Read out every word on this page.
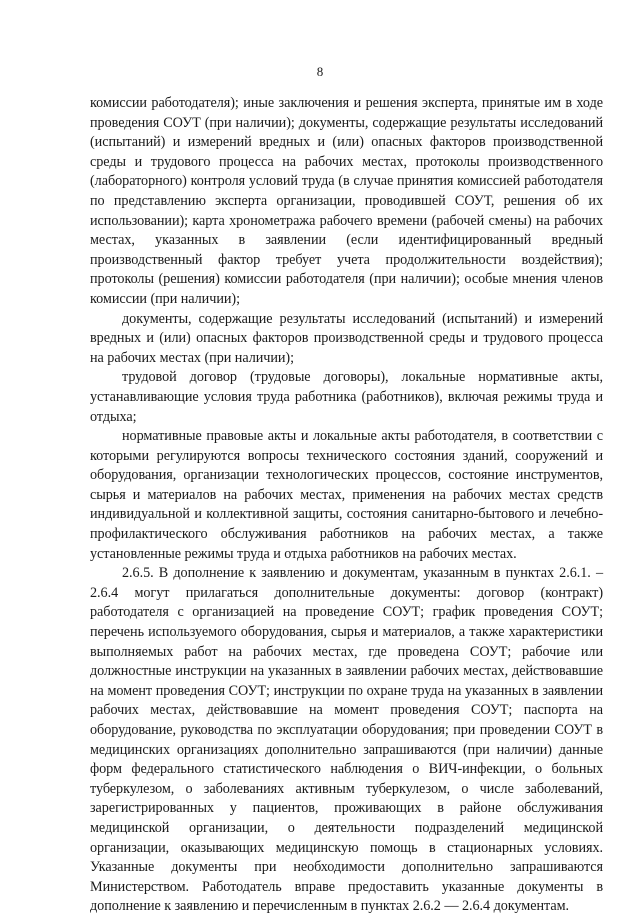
8

комиссии работодателя); иные заключения и решения эксперта, принятые им в ходе проведения СОУТ (при наличии); документы, содержащие результаты исследований (испытаний) и измерений вредных и (или) опасных факторов производственной среды и трудового процесса на рабочих местах, протоколы производственного (лабораторного) контроля условий труда (в случае принятия комиссией работодателя по представлению эксперта организации, проводившей СОУТ, решения об их использовании); карта хронометража рабочего времени (рабочей смены) на рабочих местах, указанных в заявлении (если идентифицированный вредный производственный фактор требует учета продолжительности воздействия); протоколы (решения) комиссии работодателя (при наличии); особые мнения членов комиссии (при наличии);

документы, содержащие результаты исследований (испытаний) и измерений вредных и (или) опасных факторов производственной среды и трудового процесса на рабочих местах (при наличии);

трудовой договор (трудовые договоры), локальные нормативные акты, устанавливающие условия труда работника (работников), включая режимы труда и отдыха;

нормативные правовые акты и локальные акты работодателя, в соответствии с которыми регулируются вопросы технического состояния зданий, сооружений и оборудования, организации технологических процессов, состояние инструментов, сырья и материалов на рабочих местах, применения на рабочих местах средств индивидуальной и коллективной защиты, состояния санитарно-бытового и лечебно-профилактического обслуживания работников на рабочих местах, а также установленные режимы труда и отдыха работников на рабочих местах.

2.6.5. В дополнение к заявлению и документам, указанным в пунктах 2.6.1. – 2.6.4 могут прилагаться дополнительные документы: договор (контракт) работодателя с организацией на проведение СОУТ; график проведения СОУТ; перечень используемого оборудования, сырья и материалов, а также характеристики выполняемых работ на рабочих местах, где проведена СОУТ; рабочие или должностные инструкции на указанных в заявлении рабочих местах, действовавшие на момент проведения СОУТ; инструкции по охране труда на указанных в заявлении рабочих местах, действовавшие на момент проведения СОУТ; паспорта на оборудование, руководства по эксплуатации оборудования; при проведении СОУТ в медицинских организациях дополнительно запрашиваются (при наличии) данные форм федерального статистического наблюдения о ВИЧ-инфекции, о больных туберкулезом, о заболеваниях активным туберкулезом, о числе заболеваний, зарегистрированных у пациентов, проживающих в районе обслуживания медицинской организации, о деятельности подразделений медицинской организации, оказывающих медицинскую помощь в стационарных условиях. Указанные документы при необходимости дополнительно запрашиваются Министерством. Работодатель вправе предоставить указанные документы в дополнение к заявлению и перечисленным в пунктах 2.6.2 — 2.6.4 документам.
